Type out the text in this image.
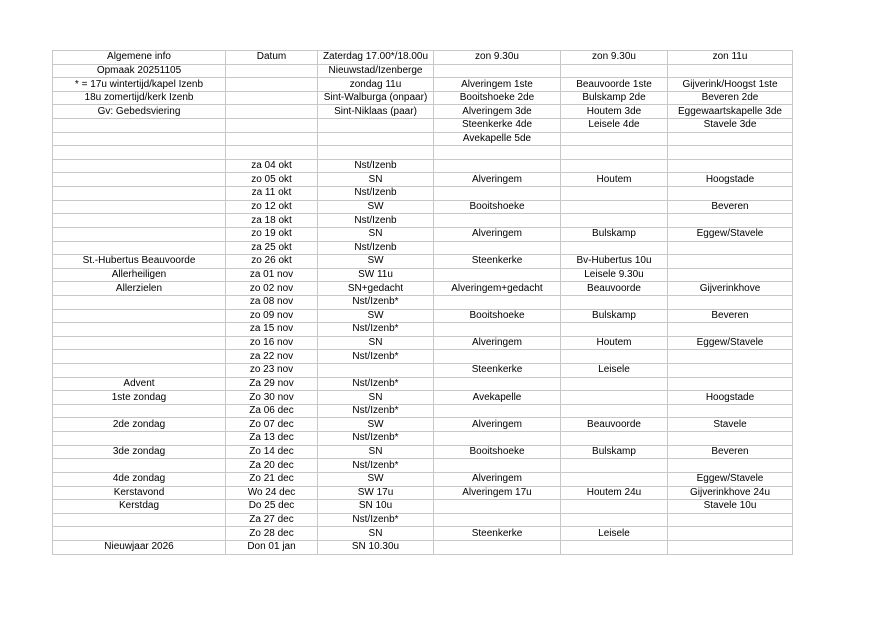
Algemene info	Datum	Zaterdag 17.00*/18.00u	zon 9.30u	zon 9.30u	zon 11u
Opmaak 20251105		Nieuwstad/Izenberge			
* = 17u wintertijd/kapel Izenb		zondag 11u	Alveringem 1ste	Beauvoorde 1ste	Gijverink/Hoogst 1ste
18u zomertijd/kerk Izenb		Sint-Walburga (onpaar)	Booitshoeke 2de	Bulskamp 2de	Beveren 2de
Gv: Gebedsviering		Sint-Niklaas (paar)	Alveringem 3de	Houtem 3de	Eggewaartskapelle 3de
			Steenkerke 4de	Leisele 4de	Stavele 3de
			Avekapelle 5de		

	za 04 okt	Nst/Izenb			
	zo 05 okt	SN	Alveringem	Houtem	Hoogstade
	za 11 okt	Nst/Izenb			
	zo 12 okt	SW	Booitshoeke		Beveren
	za 18 okt	Nst/Izenb			
	zo 19 okt	SN	Alveringem	Bulskamp	Eggew/Stavele
	za 25 okt	Nst/Izenb			
St.-Hubertus Beauvoorde	zo 26 okt	SW	Steenkerke	Bv-Hubertus 10u	
Allerheiligen	za 01 nov	SW 11u		Leisele 9.30u	
Allerzielen	zo 02 nov	SN+gedacht	Alveringem+gedacht	Beauvoorde	Gijverinkhove
	za 08 nov	Nst/Izenb*			
	zo 09 nov	SW	Booitshoeke	Bulskamp	Beveren
	za 15 nov	Nst/Izenb*			
	zo 16 nov	SN	Alveringem	Houtem	Eggew/Stavele
	za 22 nov	Nst/Izenb*			
	zo 23 nov		Steenkerke	Leisele	
Advent	Za 29 nov	Nst/Izenb*			
1ste zondag	Zo 30 nov	SN	Avekapelle		Hoogstade
	Za 06 dec	Nst/Izenb*			
2de zondag	Zo 07 dec	SW	Alveringem	Beauvoorde	Stavele
	Za 13 dec	Nst/Izenb*			
3de zondag	Zo 14 dec	SN	Booitshoeke	Bulskamp	Beveren
	Za 20 dec	Nst/Izenb*			
4de zondag	Zo 21 dec	SW	Alveringem		Eggew/Stavele
Kerstavond	Wo 24 dec	SW 17u	Alveringem 17u	Houtem 24u	Gijverinkhove 24u
Kerstdag	Do 25 dec	SN 10u			Stavele 10u
	Za 27 dec	Nst/Izenb*			
	Zo 28 dec	SN	Steenkerke	Leisele	
Nieuwjaar 2026	Don 01 jan	SN 10.30u			
